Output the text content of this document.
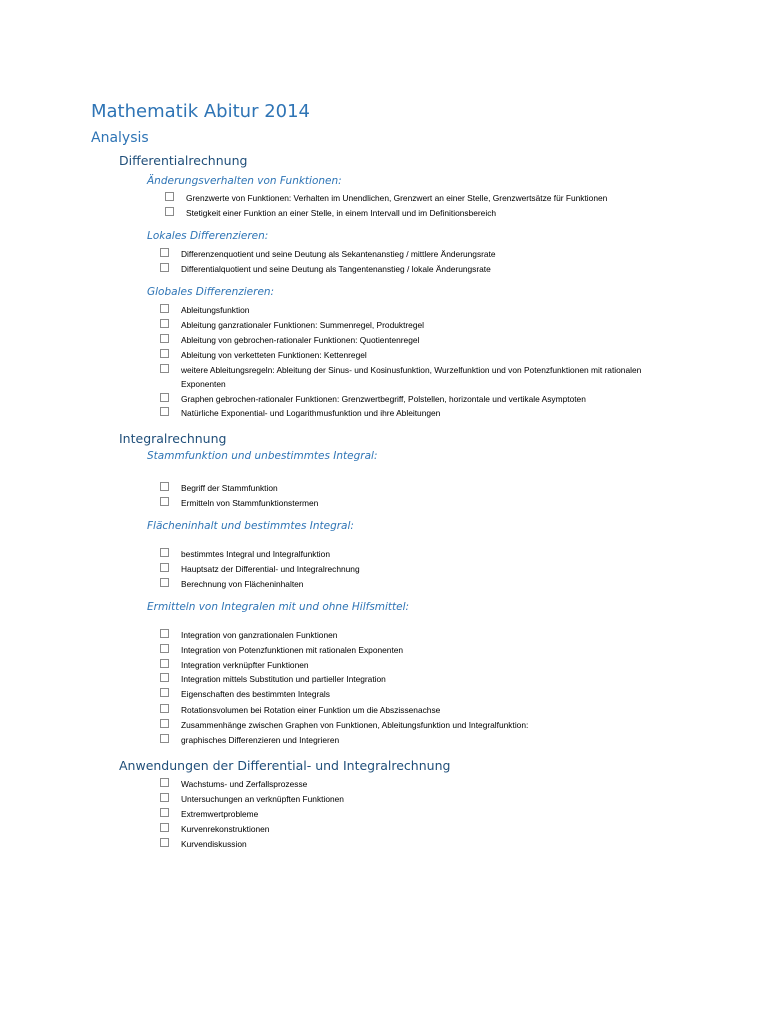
Mathematik Abitur 2014
Analysis
Differentialrechnung
Änderungsverhalten von Funktionen:
Grenzwerte von Funktionen: Verhalten im Unendlichen, Grenzwert an einer Stelle, Grenzwertsätze für Funktionen
Stetigkeit einer Funktion an einer Stelle, in einem Intervall und im Definitionsbereich
Lokales Differenzieren:
Differenzenquotient und seine Deutung als Sekantenanstieg / mittlere Änderungsrate
Differentialquotient und seine Deutung als Tangentenanstieg / lokale Änderungsrate
Globales Differenzieren:
Ableitungsfunktion
Ableitung ganzrationaler Funktionen: Summenregel, Produktregel
Ableitung von gebrochen-rationaler Funktionen: Quotientenregel
Ableitung von verketteten Funktionen: Kettenregel
weitere Ableitungsregeln: Ableitung der Sinus- und Kosinusfunktion, Wurzelfunktion und von Potenzfunktionen mit rationalen Exponenten
Graphen gebrochen-rationaler Funktionen: Grenzwertbegriff, Polstellen, horizontale und vertikale Asymptoten
Natürliche Exponential- und Logarithmusfunktion und ihre Ableitungen
Integralrechnung
Stammfunktion und unbestimmtes Integral:
Begriff der Stammfunktion
Ermitteln von Stammfunktionstermen
Flächeninhalt und bestimmtes Integral:
bestimmtes Integral und Integralfunktion
Hauptsatz der Differential- und Integralrechnung
Berechnung von Flächeninhalten
Ermitteln von Integralen mit und ohne Hilfsmittel:
Integration von ganzrationalen Funktionen
Integration von Potenzfunktionen mit rationalen Exponenten
Integration verknüpfter Funktionen
Integration mittels Substitution und partieller Integration
Eigenschaften des bestimmten Integrals
Rotationsvolumen bei Rotation einer Funktion um die Abszissenachse
Zusammenhänge zwischen Graphen von Funktionen, Ableitungsfunktion und Integralfunktion:
graphisches Differenzieren und Integrieren
Anwendungen der Differential- und Integralrechnung
Wachstums- und Zerfallsprozesse
Untersuchungen an verknüpften Funktionen
Extremwertprobleme
Kurvenrekonstruktionen
Kurvendiskussion
